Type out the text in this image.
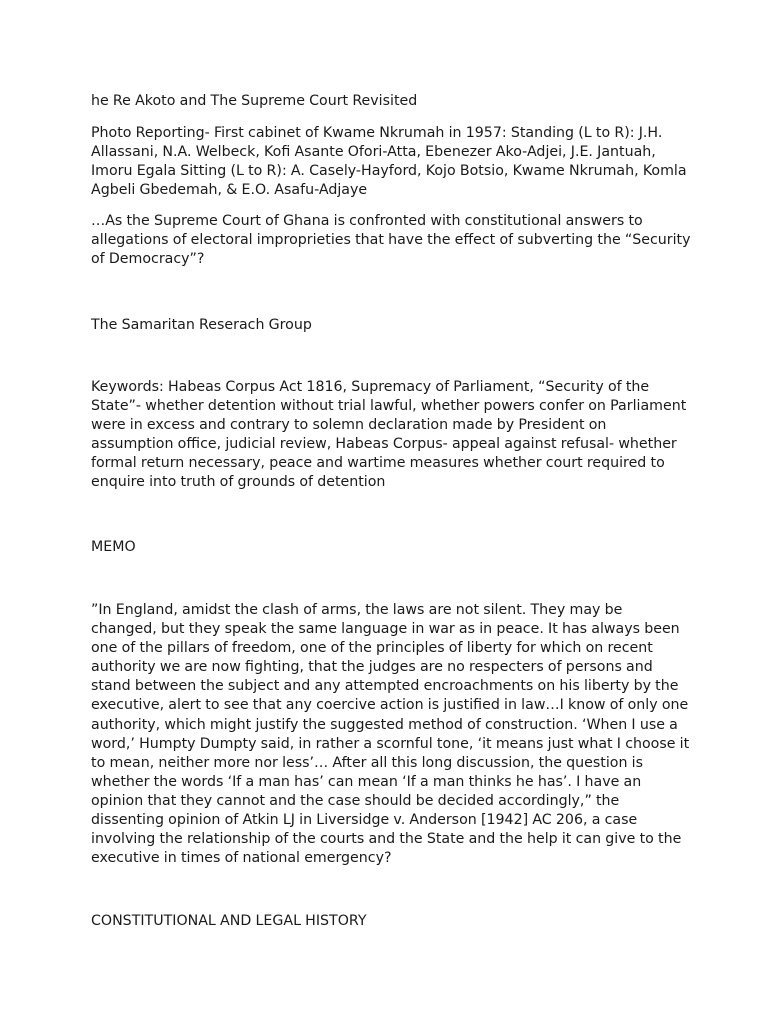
he Re Akoto and The Supreme Court Revisited

Photo Reporting- First cabinet of Kwame Nkrumah in 1957: Standing (L to R): J.H.
Allassani, N.A. Welbeck, Kofi Asante Ofori-Atta, Ebenezer Ako-Adjei, J.E. Jantuah,
Imoru Egala Sitting (L to R): A. Casely-Hayford, Kojo Botsio, Kwame Nkrumah, Komla
Agbeli Gbedemah, & E.O. Asafu-Adjaye

…As the Supreme Court of Ghana is confronted with constitutional answers to
allegations of electoral improprieties that have the effect of subverting the “Security
of Democracy”?

The Samaritan Reserach Group

Keywords: Habeas Corpus Act 1816, Supremacy of Parliament, “Security of the
State”- whether detention without trial lawful, whether powers confer on Parliament
were in excess and contrary to solemn declaration made by President on
assumption office, judicial review, Habeas Corpus- appeal against refusal- whether
formal return necessary, peace and wartime measures whether court required to
enquire into truth of grounds of detention

MEMO

”In England, amidst the clash of arms, the laws are not silent. They may be
changed, but they speak the same language in war as in peace. It has always been
one of the pillars of freedom, one of the principles of liberty for which on recent
authority we are now fighting, that the judges are no respecters of persons and
stand between the subject and any attempted encroachments on his liberty by the
executive, alert to see that any coercive action is justified in law…I know of only one
authority, which might justify the suggested method of construction. ‘When I use a
word,’ Humpty Dumpty said, in rather a scornful tone, ‘it means just what I choose it
to mean, neither more nor less’… After all this long discussion, the question is
whether the words ‘If a man has’ can mean ‘If a man thinks he has’. I have an
opinion that they cannot and the case should be decided accordingly,” the
dissenting opinion of Atkin LJ in Liversidge v. Anderson [1942] AC 206, a case
involving the relationship of the courts and the State and the help it can give to the
executive in times of national emergency?

CONSTITUTIONAL AND LEGAL HISTORY
